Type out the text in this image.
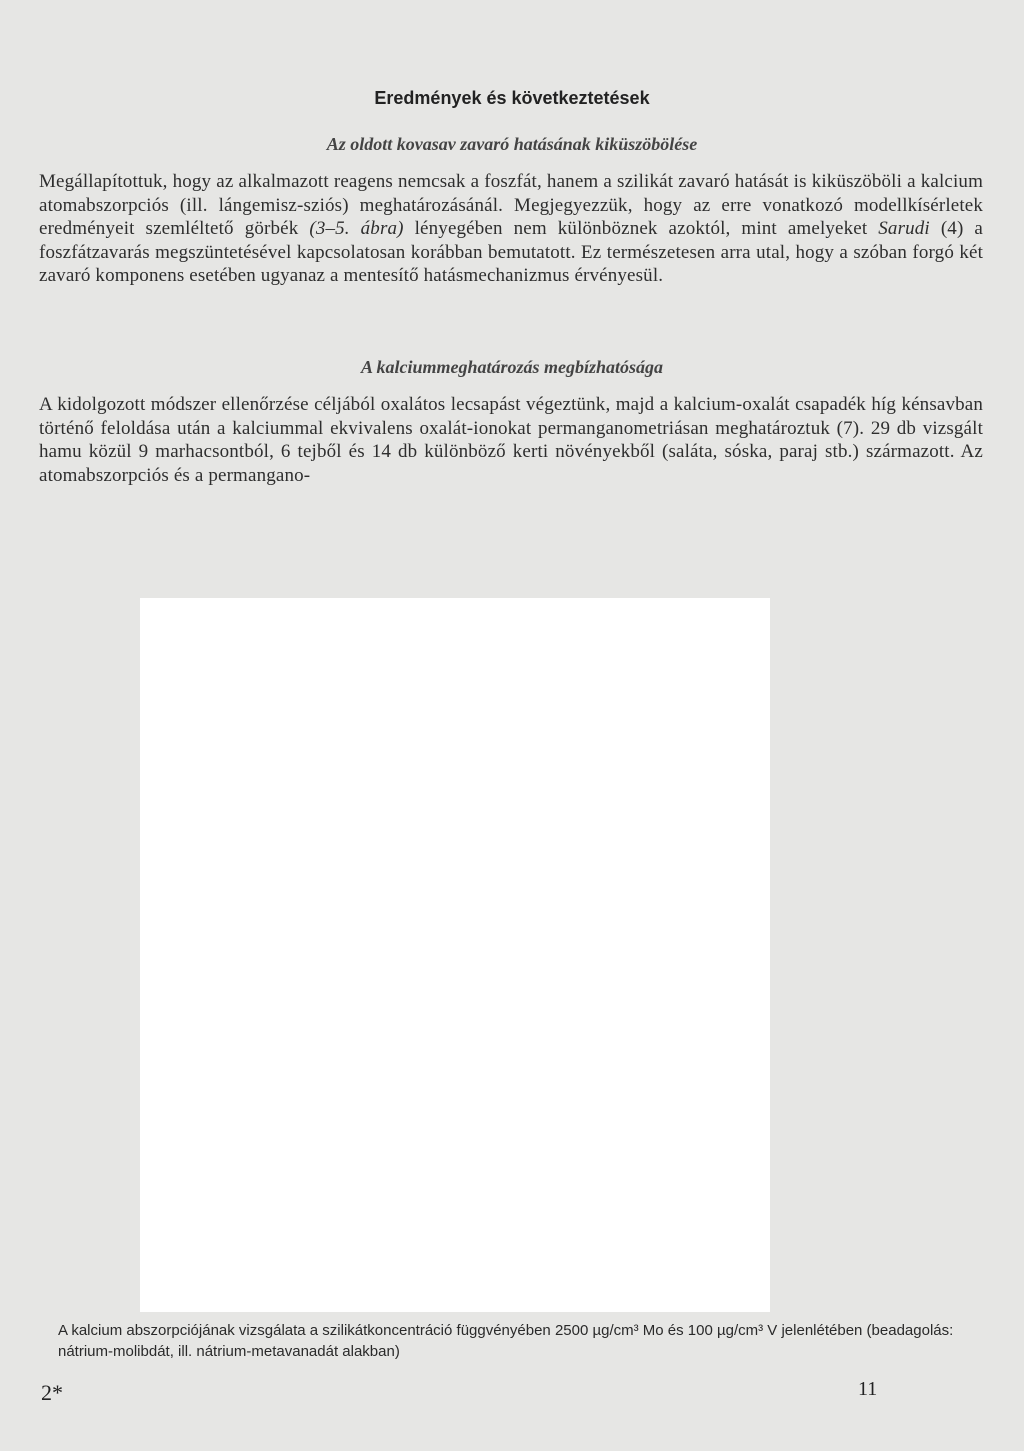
Eredmények és következtetések
Az oldott kovasav zavaró hatásának kiküszöbölése

Megállapítottuk, hogy az alkalmazott reagens nemcsak a foszfát, hanem a szilikát zavaró hatását is kiküszöböli a kalcium atomabszorpciós (ill. lángemisz-sziós) meghatározásánál. Megjegyezzük, hogy az erre vonatkozó modellkísérletek eredményeit szemléltető görbék (3–5. ábra) lényegében nem különböznek azoktól, mint amelyeket Sarudi (4) a foszfátzavarás megszüntetésével kapcsolatosan korábban bemutatott. Ez természetesen arra utal, hogy a szóban forgó két zavaró komponens esetében ugyanaz a mentesítő hatásmechanizmus érvényesül.

A kalciummeghatározás megbízhatósága

A kidolgozott módszer ellenőrzése céljából oxalátos lecsapást végeztünk, majd a kalcium-oxalát csapadék híg kénsavban történő feloldása után a kalciummal ekvivalens oxalát-ionokat permanganometriásan meghatároztuk (7). 29 db vizsgált hamu közül 9 marhacsontból, 6 tejből és 14 db különböző kerti növényekből (saláta, sóska, paraj stb.) származott. Az atomabszorpciós és a permangano-

A kalcium abszorpciójának vizsgálata a szilikátkoncentráció függvényében 2500 µg/cm³ Mo és 100 µg/cm³ V jelenlétében (beadagolás: nátrium-molibdát, ill. nátrium-metavanadát alakban)

2*	11
